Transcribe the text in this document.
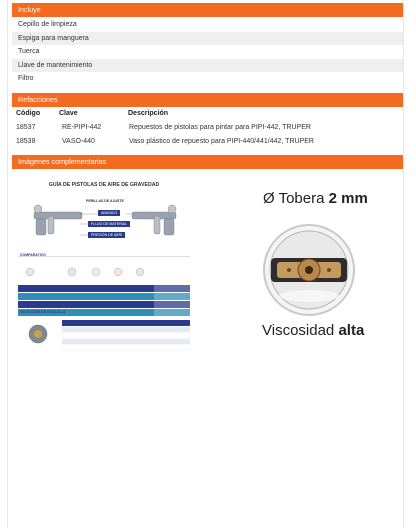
Incluye
Cepillo de limpieza
Espiga para manguera
Tuerca
Llave de mantenimiento
Filtro
Refacciones
Código	Clave	Descripción
18537	RE-PIPI-442	Repuestos de pistolas para pintar para PIPI-442, TRUPER
18538	VASO-440	Vaso plástico de repuesto para PIPI-440/441/442, TRUPER
Imágenes complementarias
GUÍA DE PISTOLAS DE AIRE DE GRAVEDAD
PERILLAS DE AJUSTE
ABANICO
FLUJO DE MATERIAL
PRESIÓN DE AIRE
COMPARATIVO
SELECCIÓN DE BOQUILLA
Ø Tobera 2 mm
Viscosidad alta
